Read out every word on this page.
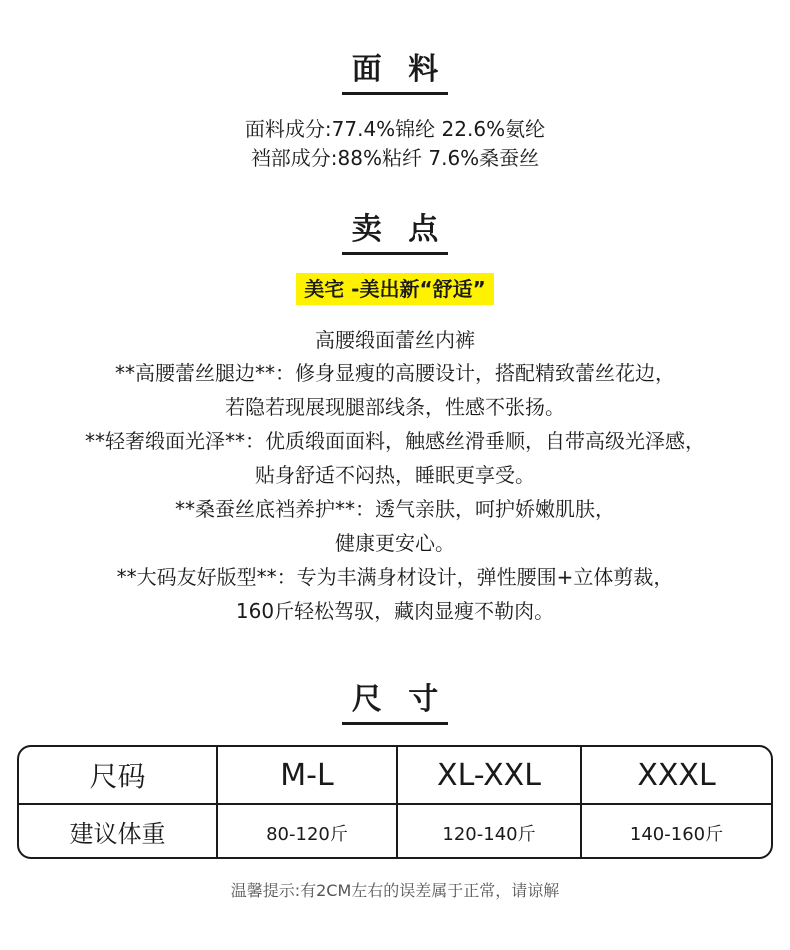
面 料
面料成分:77.4%锦纶 22.6%氨纶
裆部成分:88%粘纤 7.6%桑蚕丝
卖 点
美宅 -美出新“舒适”
高腰缎面蕾丝内裤
**高腰蕾丝腿边**：修身显瘦的高腰设计，搭配精致蕾丝花边，
若隐若现展现腿部线条，性感不张扬。
**轻奢缎面光泽**：优质缎面面料，触感丝滑垂顺，自带高级光泽感，
贴身舒适不闷热，睡眠更享受。
**桑蚕丝底裆养护**：透气亲肤，呵护娇嫩肌肤，
健康更安心。
**大码友好版型**：专为丰满身材设计，弹性腰围+立体剪裁，
160斤轻松驾驭，藏肉显瘦不勒肉。
尺 寸
尺码	M-L	XL-XXL	XXXL
建议体重	80-120斤	120-140斤	140-160斤
温馨提示:有2CM左右的误差属于正常，请谅解
